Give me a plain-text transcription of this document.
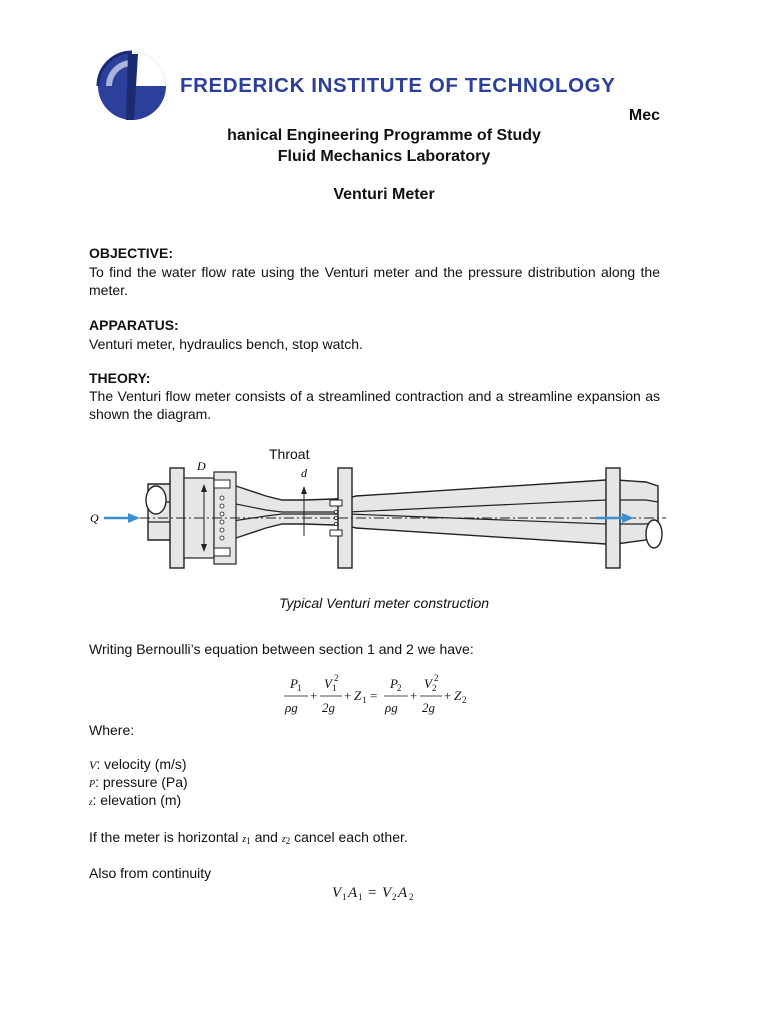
FREDERICK INSTITUTE OF TECHNOLOGY
Mec
hanical Engineering Programme of Study
Fluid Mechanics Laboratory
Venturi Meter
OBJECTIVE:
To find the water flow rate using the Venturi meter and the pressure distribution along the meter.
APPARATUS:
Venturi meter, hydraulics bench, stop watch.
THEORY:
The Venturi flow meter consists of a streamlined contraction and a streamline expansion as shown the diagram.
D
Throat
d
Q
Typical Venturi meter construction
Writing Bernoulli’s equation between section 1 and 2 we have:
P 1
ρg
+
V 1
2
2g
+ Z 1 =
P 2
ρg
+
V 2
2
2g
+ Z 2
Where:
V: velocity (m/s)
P: pressure (Pa)
z: elevation (m)
If the meter is horizontal $z_1$ and $z_2$ cancel each other.
Also from continuity
V 1 A 1 = V 2 A 2
